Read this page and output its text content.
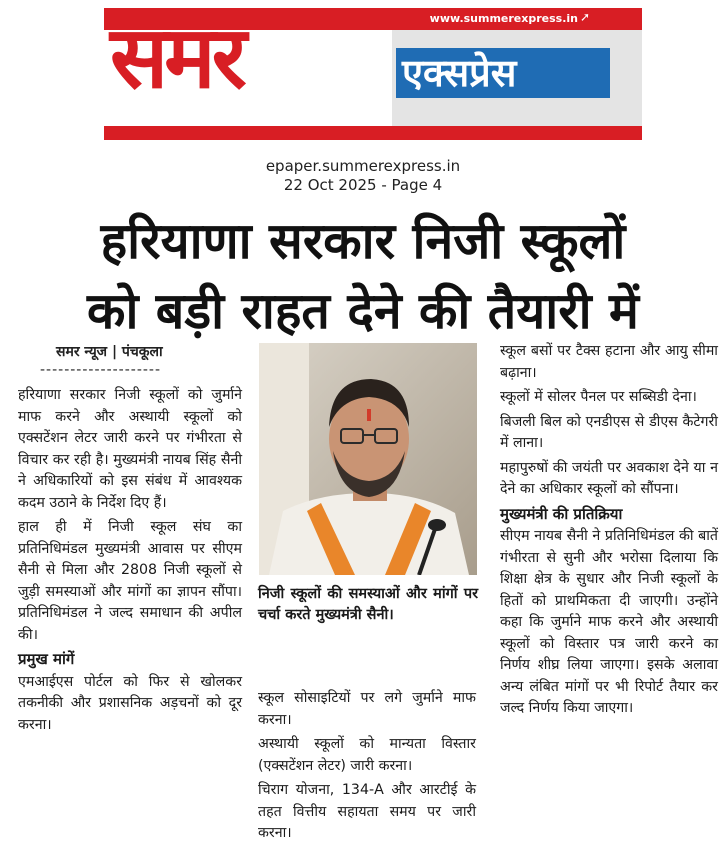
www.summerexpress.in ➚
समर	एक्सप्रेस
epaper.summerexpress.in
22 Oct 2025 - Page 4
हरियाणा सरकार निजी स्कूलों
को बड़ी राहत देने की तैयारी में
समर न्यूज | पंचकूला
--------------------

हरियाणा सरकार निजी स्कूलों को जुर्माने माफ करने और अस्थायी स्कूलों को एक्सटेंशन लेटर जारी करने पर गंभीरता से विचार कर रही है। मुख्यमंत्री नायब सिंह सैनी ने अधिकारियों को इस संबंध में आवश्यक कदम उठाने के निर्देश दिए हैं।

हाल ही में निजी स्कूल संघ का प्रतिनिधिमंडल मुख्यमंत्री आवास पर सीएम सैनी से मिला और 2808 निजी स्कूलों से जुड़ी समस्याओं और मांगों का ज्ञापन सौंपा। प्रतिनिधिमंडल ने जल्द समाधान की अपील की।

प्रमुख मांगें

एमआईएस पोर्टल को फिर से खोलकर तकनीकी और प्रशासनिक अड़चनों को दूर करना।

निजी स्कूलों की समस्याओं और मांगों पर चर्चा करते मुख्यमंत्री सैनी।

स्कूल सोसाइटियों पर लगे जुर्माने माफ करना।

अस्थायी स्कूलों को मान्यता विस्तार (एक्सटेंशन लेटर) जारी करना।

चिराग योजना, 134-A और आरटीई के तहत वित्तीय सहायता समय पर जारी करना।

स्कूल बसों पर टैक्स हटाना और आयु सीमा बढ़ाना।

स्कूलों में सोलर पैनल पर सब्सिडी देना।

बिजली बिल को एनडीएस से डीएस कैटेगरी में लाना।

महापुरुषों की जयंती पर अवकाश देने या न देने का अधिकार स्कूलों को सौंपना।

मुख्यमंत्री की प्रतिक्रिया

सीएम नायब सैनी ने प्रतिनिधिमंडल की बातें गंभीरता से सुनी और भरोसा दिलाया कि शिक्षा क्षेत्र के सुधार और निजी स्कूलों के हितों को प्राथमिकता दी जाएगी। उन्होंने कहा कि जुर्माने माफ करने और अस्थायी स्कूलों को विस्तार पत्र जारी करने का निर्णय शीघ्र लिया जाएगा। इसके अलावा अन्य लंबित मांगों पर भी रिपोर्ट तैयार कर जल्द निर्णय किया जाएगा।
